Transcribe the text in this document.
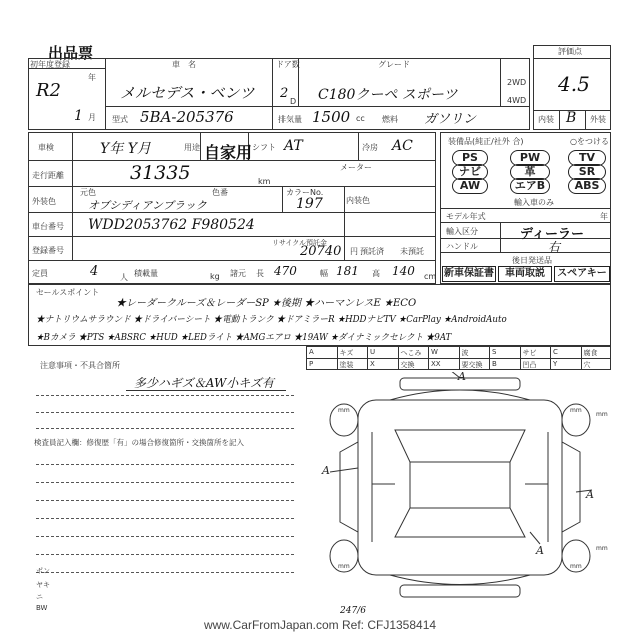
出品票
初年度登録
年
R2
1 月
車　名
メルセデス・ベンツ
型式 5BA-205376
ドア数
2
D
グレード
C180クーペ スポーツ
2WD
4WD
排気量 1500 cc 燃料 ガソリン
評価点
4.5
内装 B 外装
車検	Y年 Y月	用途 自家用 シフト AT	冷房 AC
走行距離	31335	km
メーター
外装色
元色	色番
オブシディアンブラック
カラーNo.
197	内装色
車台番号 WDD2053762 F980524
登録番号
リサイクル預託金
20740 円 預託済 未預託
定員	4	人 積載量	kg 諸元 長 470	幅 181 高 140 cm
装備品(純正/社外 合)	○をつける
PS	PW	TV
ナビ	革	SR
AW	エアB	ABS
輸入車のみ
モデル年式	年
輸入区分	ディーラー
ハンドル	右
後日発送品
新車保証書	車両取説	スペアキー
セールスポイント
★レーダークルーズ＆レーダーSP ★後期 ★ハーマンレスE ★ECO
★ナトリウムサラウンド ★ドライバーシート ★電動トランク ★ドアミラーR ★HDDナビTV ★CarPlay ★AndroidAuto
★Bカメラ ★PTS ★ABSRC ★HUD ★LEDライト ★AMGエアロ ★19AW ★ダイナミックセレクト ★9AT
A	キズ U	へこみ W	波	S	サビ C	腐食
P	塗装 X	交換 XX	要交換 B	凹凸 Y	穴
注意事項・不具合箇所
多少ハギズ＆AW小キズ有
検査員記入欄：修復歴「有」の場合修復箇所・交換箇所を記入
ポン
ヤキ
ニ
BW
mm	mm
mm	mm
mm
mm
A
A
A
A
247/6
www.CarFromJapan.com Ref: CFJ1358414
